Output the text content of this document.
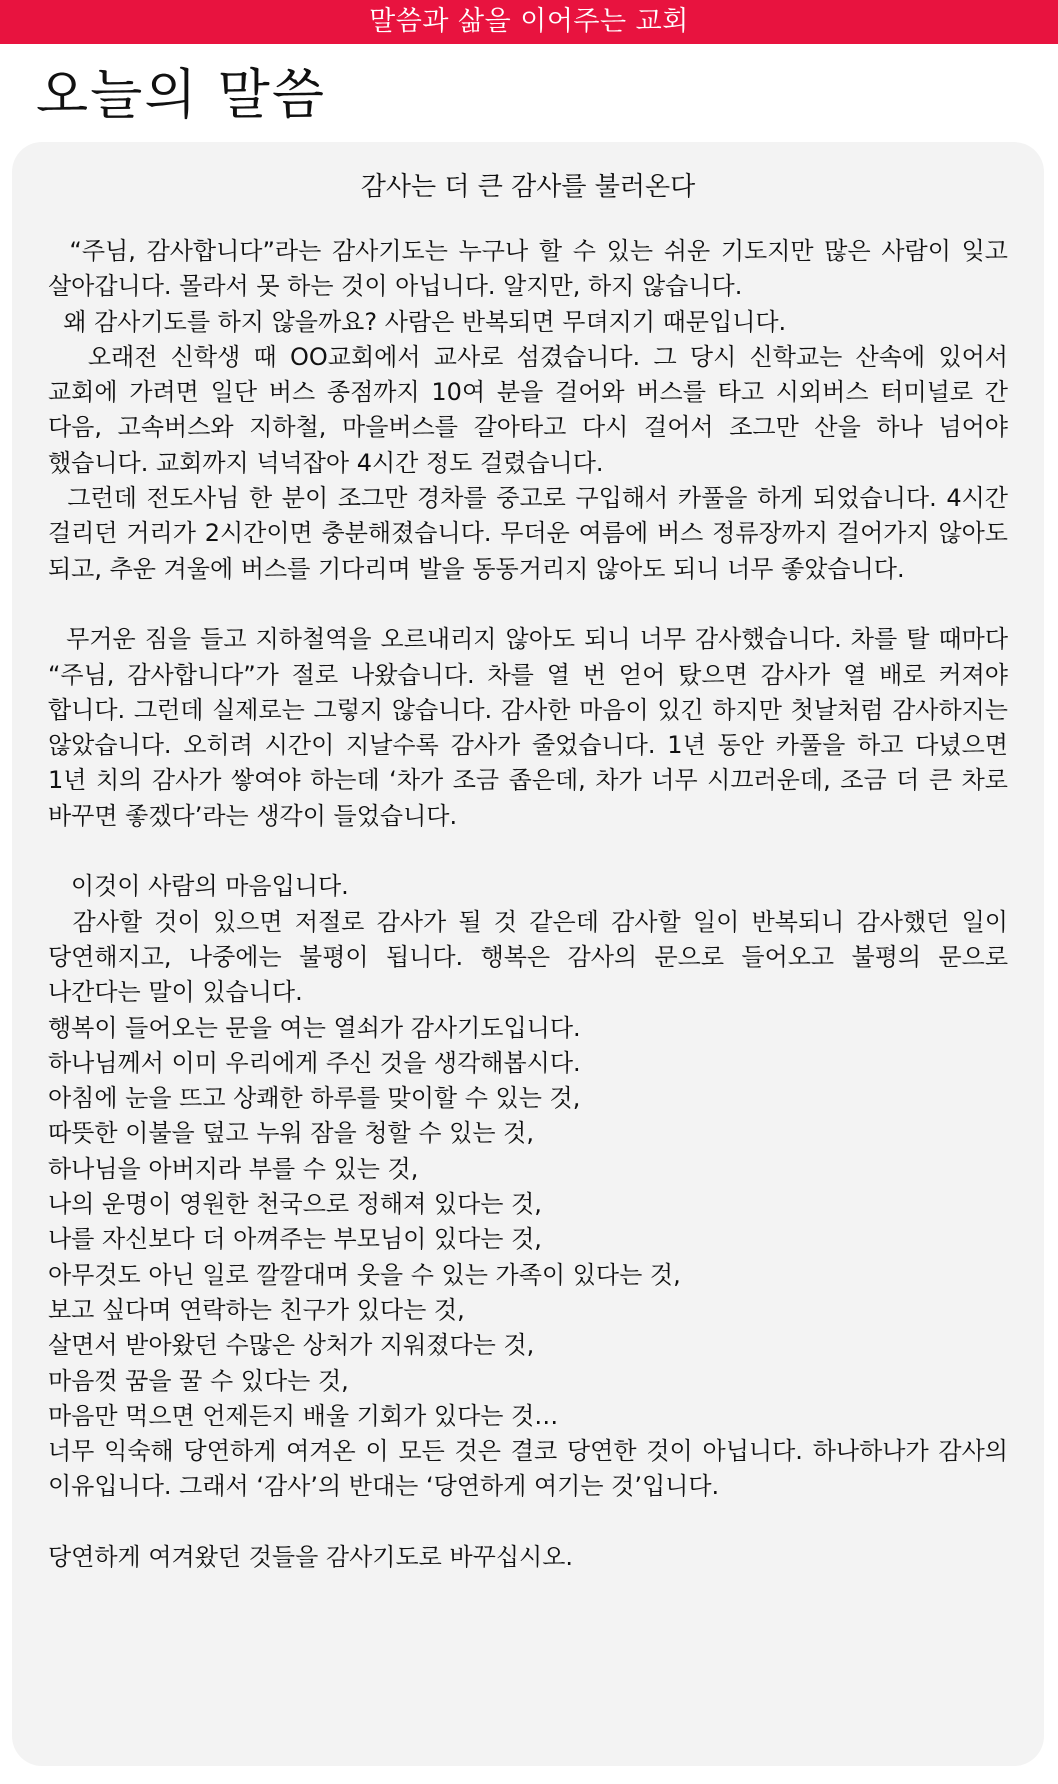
말씀과 삶을 이어주는 교회
오늘의 말씀
감사는 더 큰 감사를 불러온다

“주님, 감사합니다”라는 감사기도는 누구나 할 수 있는 쉬운 기도지만 많은 사람이 잊고 살아갑니다. 몰라서 못 하는 것이 아닙니다. 알지만, 하지 않습니다.

왜 감사기도를 하지 않을까요? 사람은 반복되면 무뎌지기 때문입니다.

오래전 신학생 때 OO교회에서 교사로 섬겼습니다. 그 당시 신학교는 산속에 있어서 교회에 가려면 일단 버스 종점까지 10여 분을 걸어와 버스를 타고 시외버스 터미널로 간 다음, 고속버스와 지하철, 마을버스를 갈아타고 다시 걸어서 조그만 산을 하나 넘어야 했습니다. 교회까지 넉넉잡아 4시간 정도 걸렸습니다.

그런데 전도사님 한 분이 조그만 경차를 중고로 구입해서 카풀을 하게 되었습니다. 4시간 걸리던 거리가 2시간이면 충분해졌습니다. 무더운 여름에 버스 정류장까지 걸어가지 않아도 되고, 추운 겨울에 버스를 기다리며 발을 동동거리지 않아도 되니 너무 좋았습니다.

무거운 짐을 들고 지하철역을 오르내리지 않아도 되니 너무 감사했습니다. 차를 탈 때마다 “주님, 감사합니다”가 절로 나왔습니다. 차를 열 번 얻어 탔으면 감사가 열 배로 커져야 합니다. 그런데 실제로는 그렇지 않습니다. 감사한 마음이 있긴 하지만 첫날처럼 감사하지는 않았습니다. 오히려 시간이 지날수록 감사가 줄었습니다. 1년 동안 카풀을 하고 다녔으면 1년 치의 감사가 쌓여야 하는데 ‘차가 조금 좁은데, 차가 너무 시끄러운데, 조금 더 큰 차로 바꾸면 좋겠다’라는 생각이 들었습니다.

이것이 사람의 마음입니다.

감사할 것이 있으면 저절로 감사가 될 것 같은데 감사할 일이 반복되니 감사했던 일이 당연해지고, 나중에는 불평이 됩니다. 행복은 감사의 문으로 들어오고 불평의 문으로 나간다는 말이 있습니다.

행복이 들어오는 문을 여는 열쇠가 감사기도입니다.

하나님께서 이미 우리에게 주신 것을 생각해봅시다.

아침에 눈을 뜨고 상쾌한 하루를 맞이할 수 있는 것,

따뜻한 이불을 덮고 누워 잠을 청할 수 있는 것,

하나님을 아버지라 부를 수 있는 것,

나의 운명이 영원한 천국으로 정해져 있다는 것,

나를 자신보다 더 아껴주는 부모님이 있다는 것,

아무것도 아닌 일로 깔깔대며 웃을 수 있는 가족이 있다는 것,

보고 싶다며 연락하는 친구가 있다는 것,

살면서 받아왔던 수많은 상처가 지워졌다는 것,

마음껏 꿈을 꿀 수 있다는 것,

마음만 먹으면 언제든지 배울 기회가 있다는 것…

너무 익숙해 당연하게 여겨온 이 모든 것은 결코 당연한 것이 아닙니다. 하나하나가 감사의 이유입니다. 그래서 ‘감사’의 반대는 ‘당연하게 여기는 것’입니다.

당연하게 여겨왔던 것들을 감사기도로 바꾸십시오.
